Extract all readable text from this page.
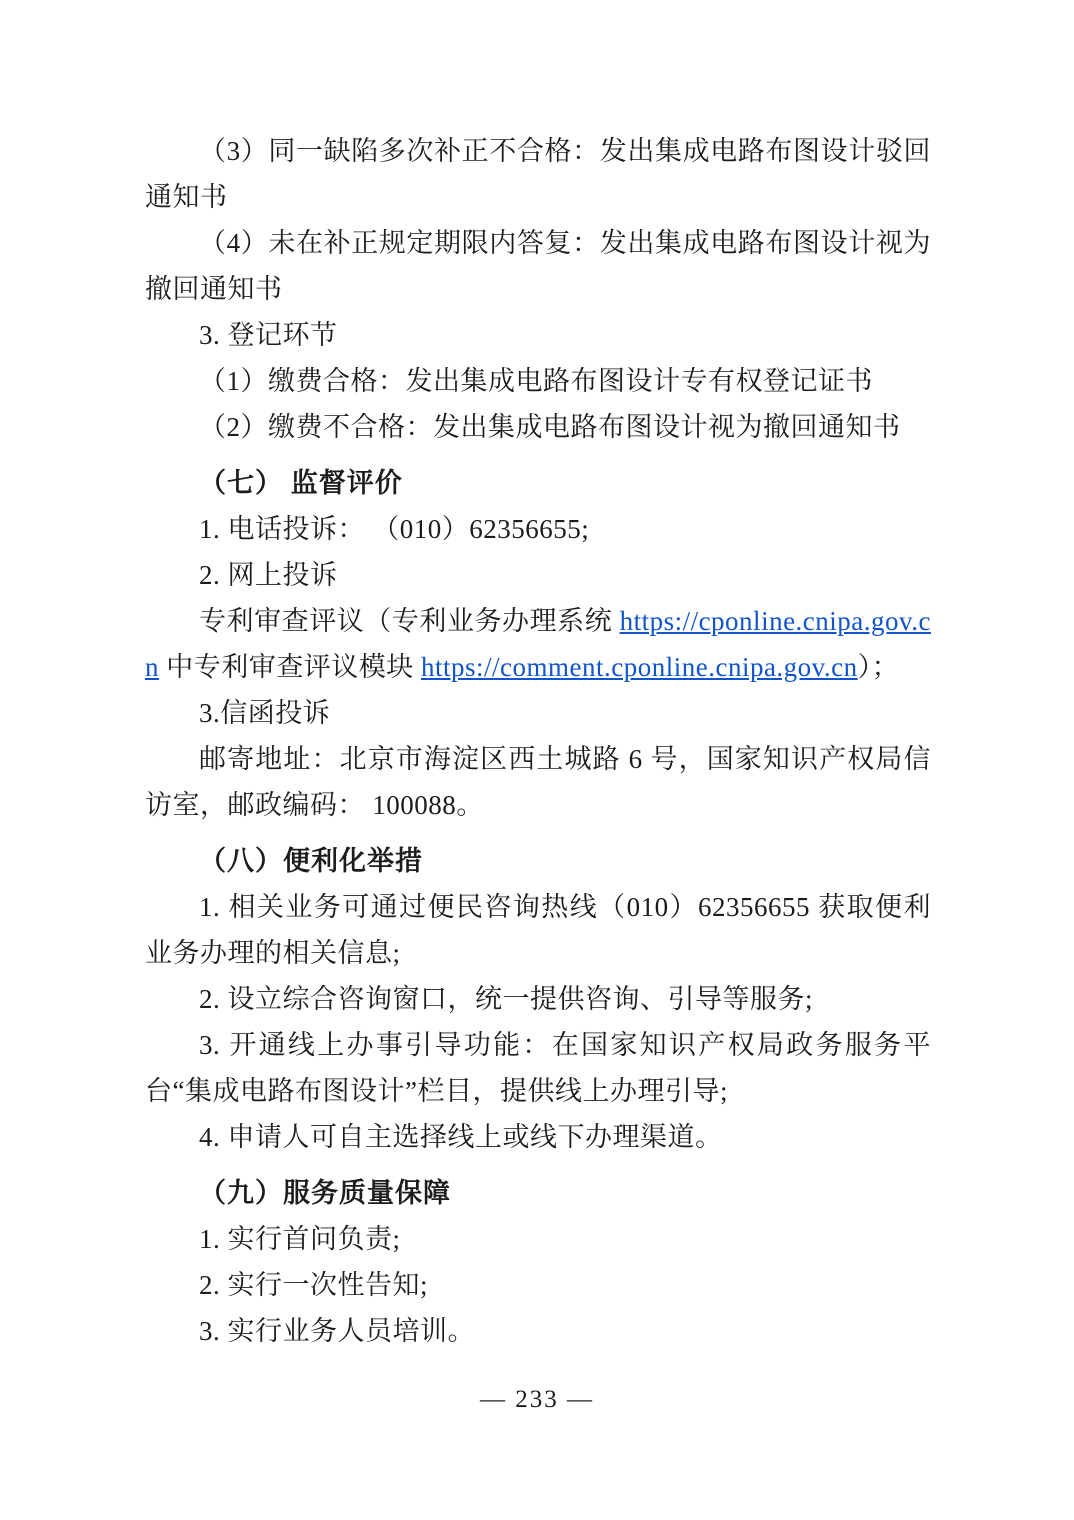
（3）同一缺陷多次补正不合格：发出集成电路布图设计驳回通知书

（4）未在补正规定期限内答复：发出集成电路布图设计视为撤回通知书

3. 登记环节

（1）缴费合格：发出集成电路布图设计专有权登记证书

（2）缴费不合格：发出集成电路布图设计视为撤回通知书

（七） 监督评价

1. 电话投诉： （010）62356655;

2. 网上投诉

专利审查评议（专利业务办理系统 https://cponline.cnipa.gov.cn 中专利审查评议模块 https://comment.cponline.cnipa.gov.cn）；

3.信函投诉

邮寄地址：北京市海淀区西土城路 6 号，国家知识产权局信访室，邮政编码： 100088。

（八）便利化举措

1. 相关业务可通过便民咨询热线（010）62356655 获取便利业务办理的相关信息;

2. 设立综合咨询窗口，统一提供咨询、引导等服务;

3. 开通线上办事引导功能：在国家知识产权局政务服务平台“集成电路布图设计”栏目，提供线上办理引导;

4. 申请人可自主选择线上或线下办理渠道。

（九）服务质量保障

1. 实行首问负责;

2. 实行一次性告知;

3. 实行业务人员培训。

— 233 —
